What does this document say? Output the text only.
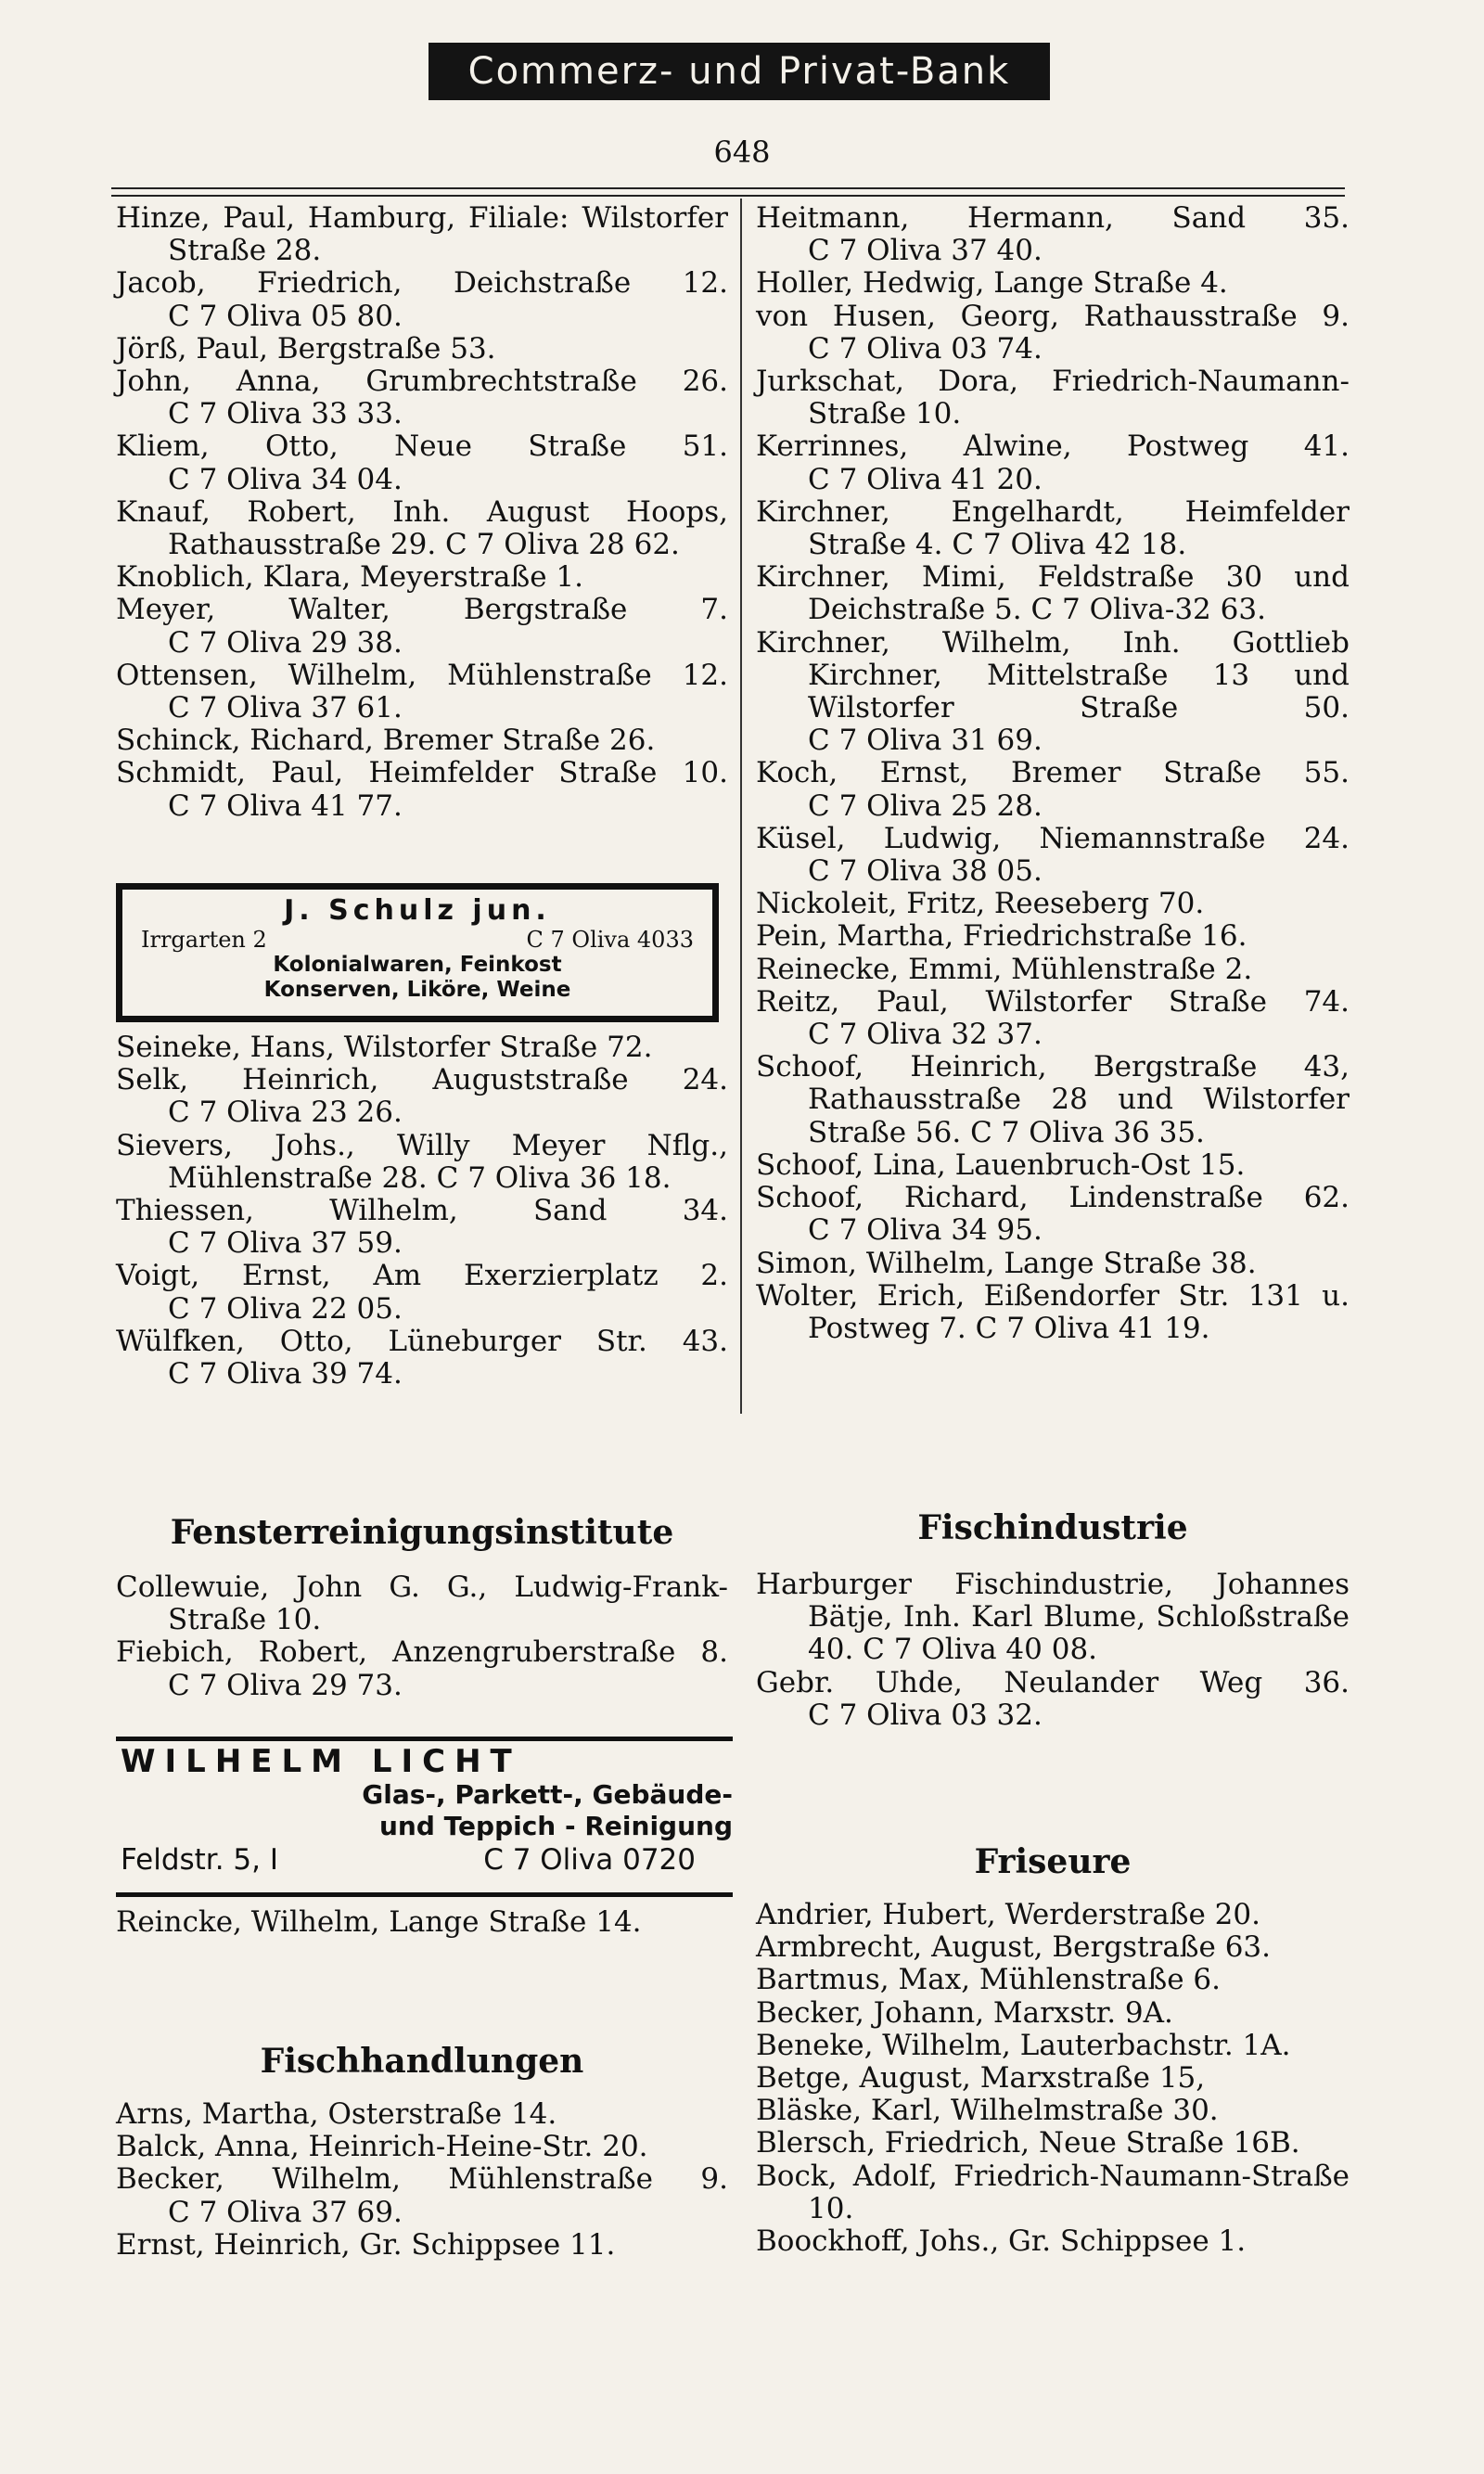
Commerz- und Privat-Bank
648
Hinze, Paul, Hamburg, Filiale: Wilstorfer Straße 28.
Jacob, Friedrich, Deichstraße 12. C 7 Oliva 05 80.
Jörß, Paul, Bergstraße 53.
John, Anna, Grumbrechtstraße 26. C 7 Oliva 33 33.
Kliem, Otto, Neue Straße 51. C 7 Oliva 34 04.
Knauf, Robert, Inh. August Hoops, Rathausstraße 29. C 7 Oliva 28 62.
Knoblich, Klara, Meyerstraße 1.
Meyer, Walter, Bergstraße 7. C 7 Oliva 29 38.
Ottensen, Wilhelm, Mühlenstraße 12. C 7 Oliva 37 61.
Schinck, Richard, Bremer Straße 26.
Schmidt, Paul, Heimfelder Straße 10. C 7 Oliva 41 77.
J. Schulz jun.
Irrgarten 2	C 7 Oliva 4033
Kolonialwaren, Feinkost
Konserven, Liköre, Weine
Seineke, Hans, Wilstorfer Straße 72.
Selk, Heinrich, Auguststraße 24. C 7 Oliva 23 26.
Sievers, Johs., Willy Meyer Nflg., Mühlenstraße 28. C 7 Oliva 36 18.
Thiessen, Wilhelm, Sand 34. C 7 Oliva 37 59.
Voigt, Ernst, Am Exerzierplatz 2. C 7 Oliva 22 05.
Wülfken, Otto, Lüneburger Str. 43. C 7 Oliva 39 74.
Heitmann, Hermann, Sand 35. C 7 Oliva 37 40.
Holler, Hedwig, Lange Straße 4.
von Husen, Georg, Rathausstraße 9. C 7 Oliva 03 74.
Jurkschat, Dora, Friedrich-Naumann-Straße 10.
Kerrinnes, Alwine, Postweg 41. C 7 Oliva 41 20.
Kirchner, Engelhardt, Heimfelder Straße 4. C 7 Oliva 42 18.
Kirchner, Mimi, Feldstraße 30 und Deichstraße 5. C 7 Oliva-32 63.
Kirchner, Wilhelm, Inh. Gottlieb Kirchner, Mittelstraße 13 und Wilstorfer Straße 50. C 7 Oliva 31 69.
Koch, Ernst, Bremer Straße 55. C 7 Oliva 25 28.
Küsel, Ludwig, Niemannstraße 24. C 7 Oliva 38 05.
Nickoleit, Fritz, Reeseberg 70.
Pein, Martha, Friedrichstraße 16.
Reinecke, Emmi, Mühlenstraße 2.
Reitz, Paul, Wilstorfer Straße 74. C 7 Oliva 32 37.
Schoof, Heinrich, Bergstraße 43, Rathausstraße 28 und Wilstorfer Straße 56. C 7 Oliva 36 35.
Schoof, Lina, Lauenbruch-Ost 15.
Schoof, Richard, Lindenstraße 62. C 7 Oliva 34 95.
Simon, Wilhelm, Lange Straße 38.
Wolter, Erich, Eißendorfer Str. 131 u. Postweg 7. C 7 Oliva 41 19.
Fensterreinigungsinstitute
Collewuie, John G. G., Ludwig-Frank-Straße 10.
Fiebich, Robert, Anzengruberstraße 8. C 7 Oliva 29 73.
WILHELM LICHT
Glas-, Parkett-, Gebäude-
und Teppich - Reinigung
Feldstr. 5, I	C 7 Oliva 0720
Reincke, Wilhelm, Lange Straße 14.
Fischhandlungen
Arns, Martha, Osterstraße 14.
Balck, Anna, Heinrich-Heine-Str. 20.
Becker, Wilhelm, Mühlenstraße 9. C 7 Oliva 37 69.
Ernst, Heinrich, Gr. Schippsee 11.
Fischindustrie
Harburger Fischindustrie, Johannes Bätje, Inh. Karl Blume, Schloßstraße 40. C 7 Oliva 40 08.
Gebr. Uhde, Neulander Weg 36. C 7 Oliva 03 32.
Friseure
Andrier, Hubert, Werderstraße 20.
Armbrecht, August, Bergstraße 63.
Bartmus, Max, Mühlenstraße 6.
Becker, Johann, Marxstr. 9A.
Beneke, Wilhelm, Lauterbachstr. 1A.
Betge, August, Marxstraße 15,
Bläske, Karl, Wilhelmstraße 30.
Blersch, Friedrich, Neue Straße 16B.
Bock, Adolf, Friedrich-Naumann-Straße 10.
Boockhoff, Johs., Gr. Schippsee 1.
